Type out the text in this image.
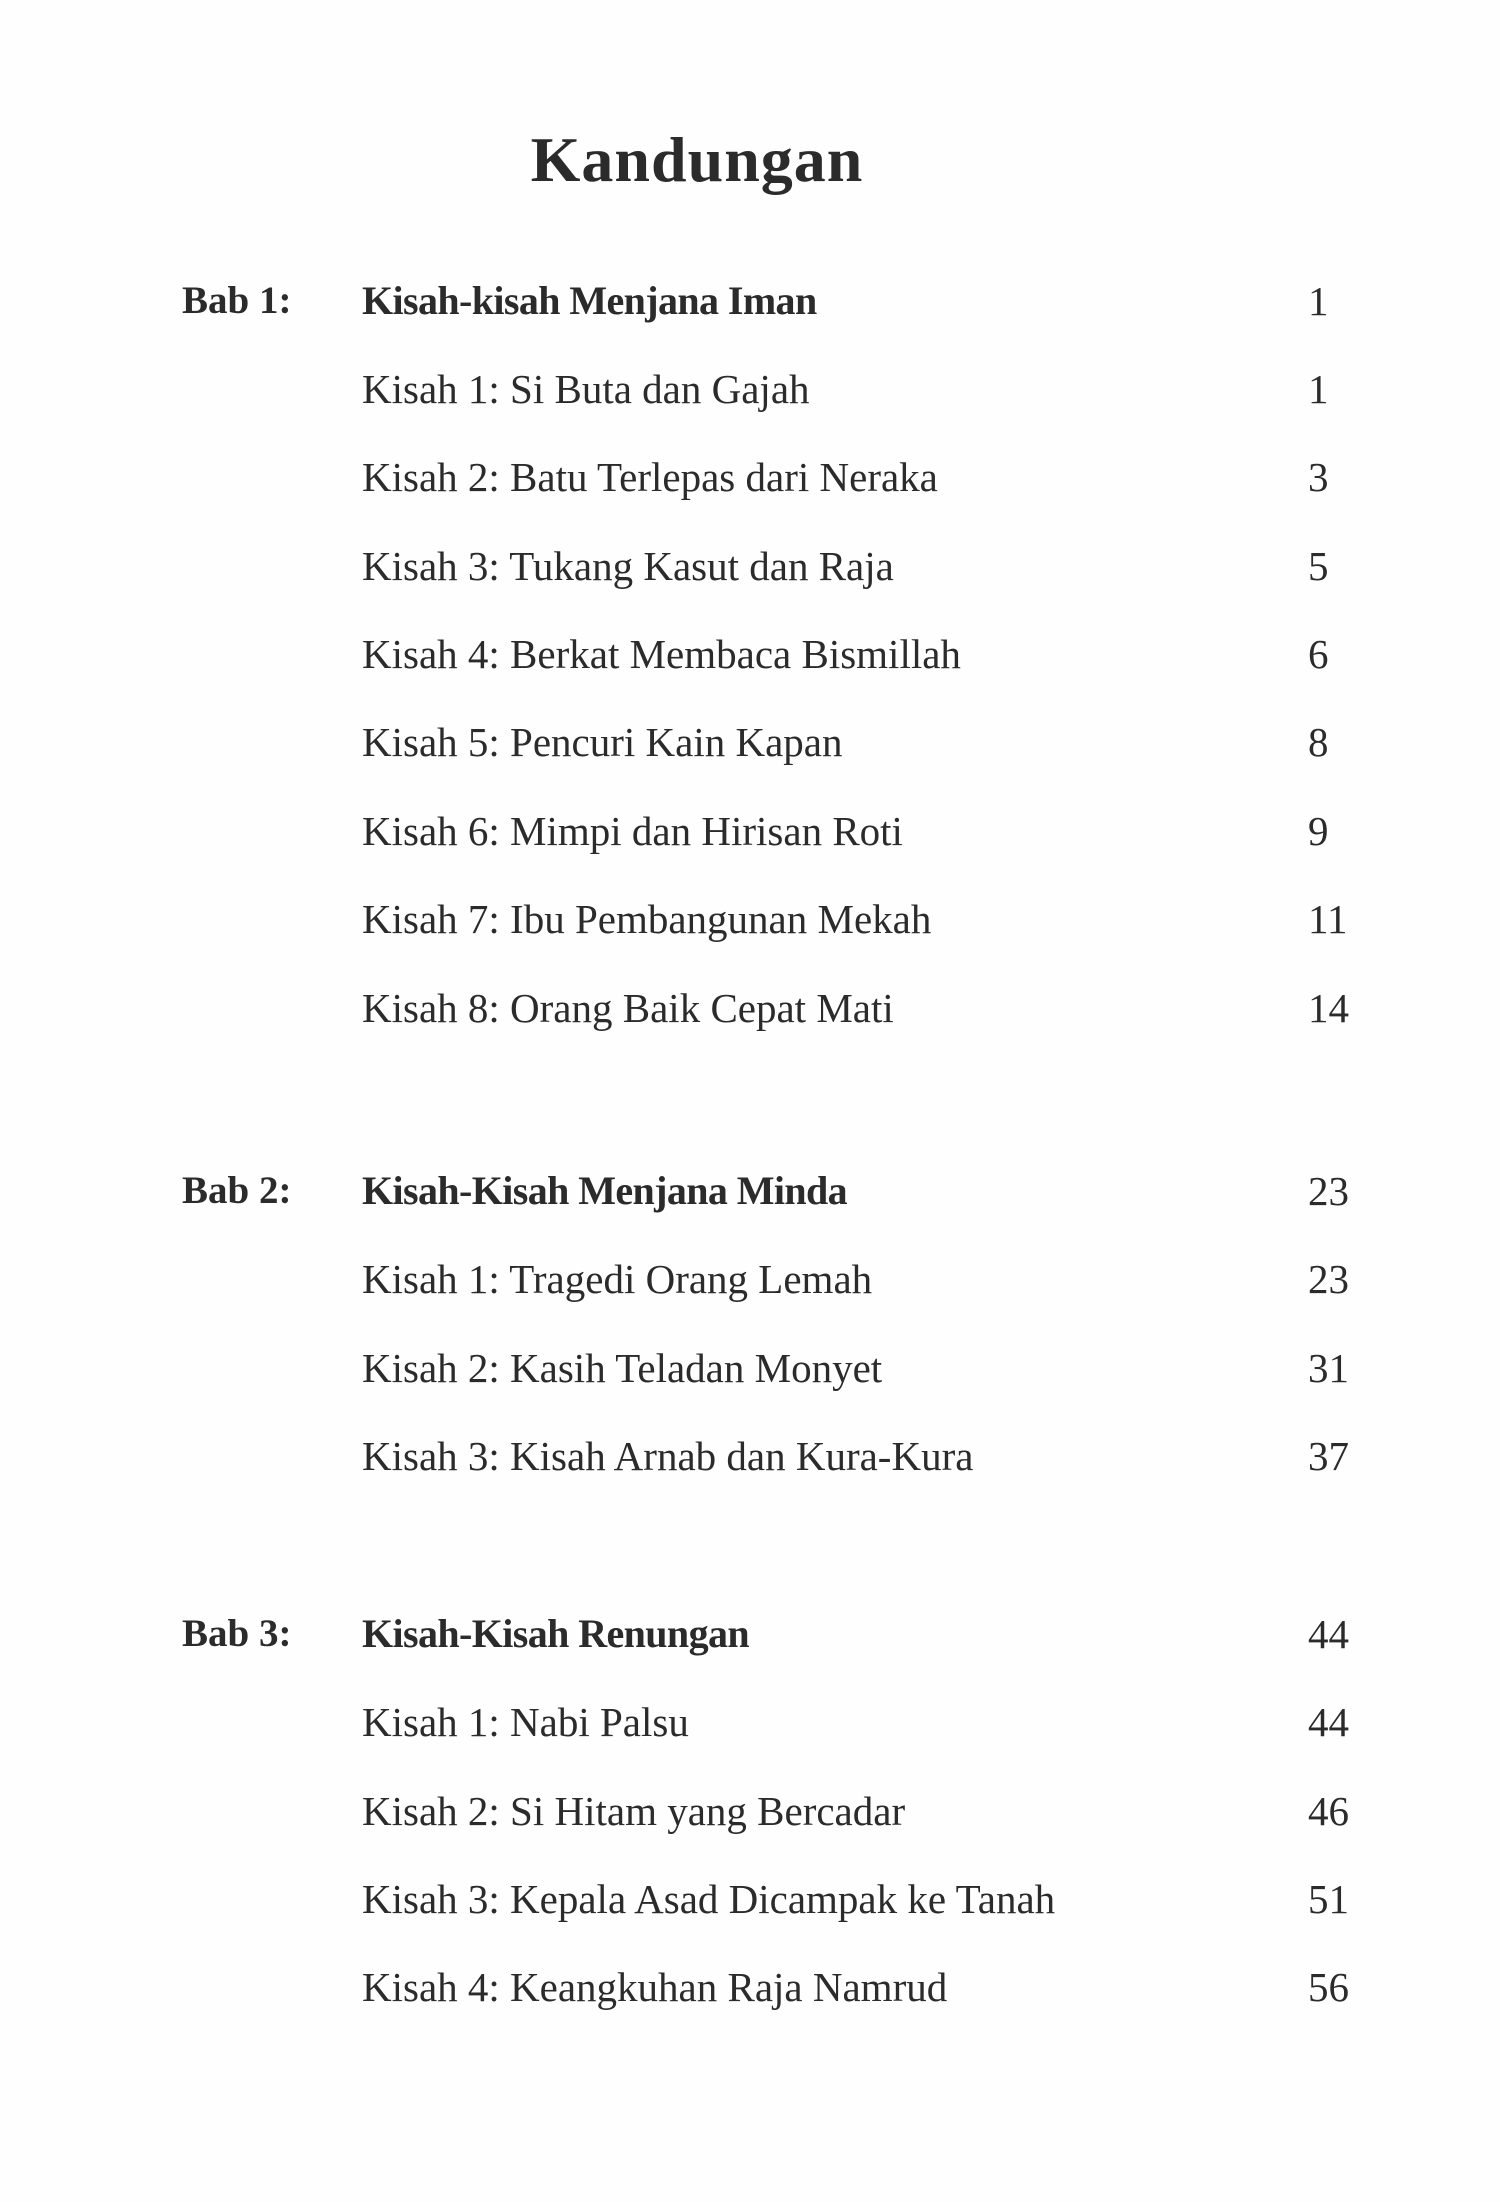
Kandungan
Bab 1: Kisah-kisah Menjana Iman	1
Kisah 1: Si Buta dan Gajah	1
Kisah 2: Batu Terlepas dari Neraka	3
Kisah 3: Tukang Kasut dan Raja	5
Kisah 4: Berkat Membaca Bismillah	6
Kisah 5: Pencuri Kain Kapan	8
Kisah 6: Mimpi dan Hirisan Roti	9
Kisah 7: Ibu Pembangunan Mekah	11
Kisah 8: Orang Baik Cepat Mati	14
Bab 2: Kisah-Kisah Menjana Minda	23
Kisah 1: Tragedi Orang Lemah	23
Kisah 2: Kasih Teladan Monyet	31
Kisah 3: Kisah Arnab dan Kura-Kura	37
Bab 3: Kisah-Kisah Renungan	44
Kisah 1: Nabi Palsu	44
Kisah 2: Si Hitam yang Bercadar	46
Kisah 3: Kepala Asad Dicampak ke Tanah	51
Kisah 4: Keangkuhan Raja Namrud	56
